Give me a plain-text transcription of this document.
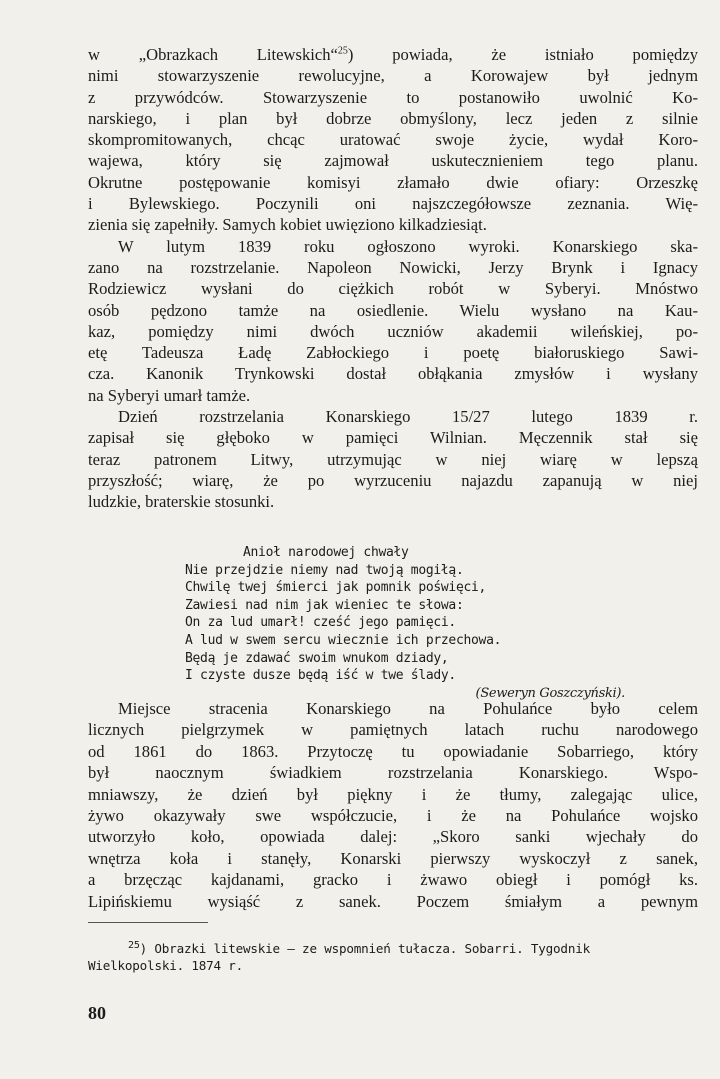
w „Obrazkach Litewskich“$^{25}$) powiada, że istniało pomiędzy
nimi stowarzyszenie rewolucyjne, a Korowajew był jednym
z przywódców. Stowarzyszenie to postanowiło uwolnić Ko-
narskiego, i plan był dobrze obmyślony, lecz jeden z silnie
skompromitowanych, chcąc uratować swoje życie, wydał Koro-
wajewa, który się zajmował uskutecznieniem tego planu.
Okrutne postępowanie komisyi złamało dwie ofiary: Orzeszkę
i Bylewskiego. Poczynili oni najszczegółowsze zeznania. Wię-
zienia się zapełniły. Samych kobiet uwięziono kilkadziesiąt.
W lutym 1839 roku ogłoszono wyroki. Konarskiego ska-
zano na rozstrzelanie. Napoleon Nowicki, Jerzy Brynk i Ignacy
Rodziewicz wysłani do ciężkich robót w Syberyi. Mnóstwo
osób pędzono tamże na osiedlenie. Wielu wysłano na Kau-
kaz, pomiędzy nimi dwóch uczniów akademii wileńskiej, po-
etę Tadeusza Ładę Zabłockiego i poetę białoruskiego Sawi-
cza. Kanonik Trynkowski dostał obłąkania zmysłów i wysłany
na Syberyi umarł tamże.
Dzień rozstrzelania Konarskiego 15/27 lutego 1839 r.
zapisał się głęboko w pamięci Wilnian. Męczennik stał się
teraz patronem Litwy, utrzymując w niej wiarę w lepszą
przyszłość; wiarę, że po wyrzuceniu najazdu zapanują w niej
ludzkie, braterskie stosunki.
Anioł narodowej chwały
Nie przejdzie niemy nad twoją mogiłą.
Chwilę twej śmierci jak pomnik poświęci,
Zawiesi nad nim jak wieniec te słowa:
On za lud umarł! cześć jego pamięci.
A lud w swem sercu wiecznie ich przechowa.
Będą je zdawać swoim wnukom dziady,
I czyste dusze będą iść w twe ślady.
(Seweryn Goszczyński).
Miejsce stracenia Konarskiego na Pohulańce było celem
licznych pielgrzymek w pamiętnych latach ruchu narodowego
od 1861 do 1863. Przytoczę tu opowiadanie Sobarriego, który
był naocznym świadkiem rozstrzelania Konarskiego. Wspo-
mniawszy, że dzień był piękny i że tłumy, zalegając ulice,
żywo okazywały swe współczucie, i że na Pohulańce wojsko
utworzyło koło, opowiada dalej: „Skoro sanki wjechały do
wnętrza koła i stanęły, Konarski pierwszy wyskoczył z sanek,
a brzęcząc kajdanami, gracko i żwawo obiegł i pomógł ks.
Lipińskiemu wysiąść z sanek. Poczem śmiałym a pewnym
$^{25}$) Obrazki litewskie — ze wspomnień tułacza. Sobarri. Tygodnik
Wielkopolski. 1874 r.
80
